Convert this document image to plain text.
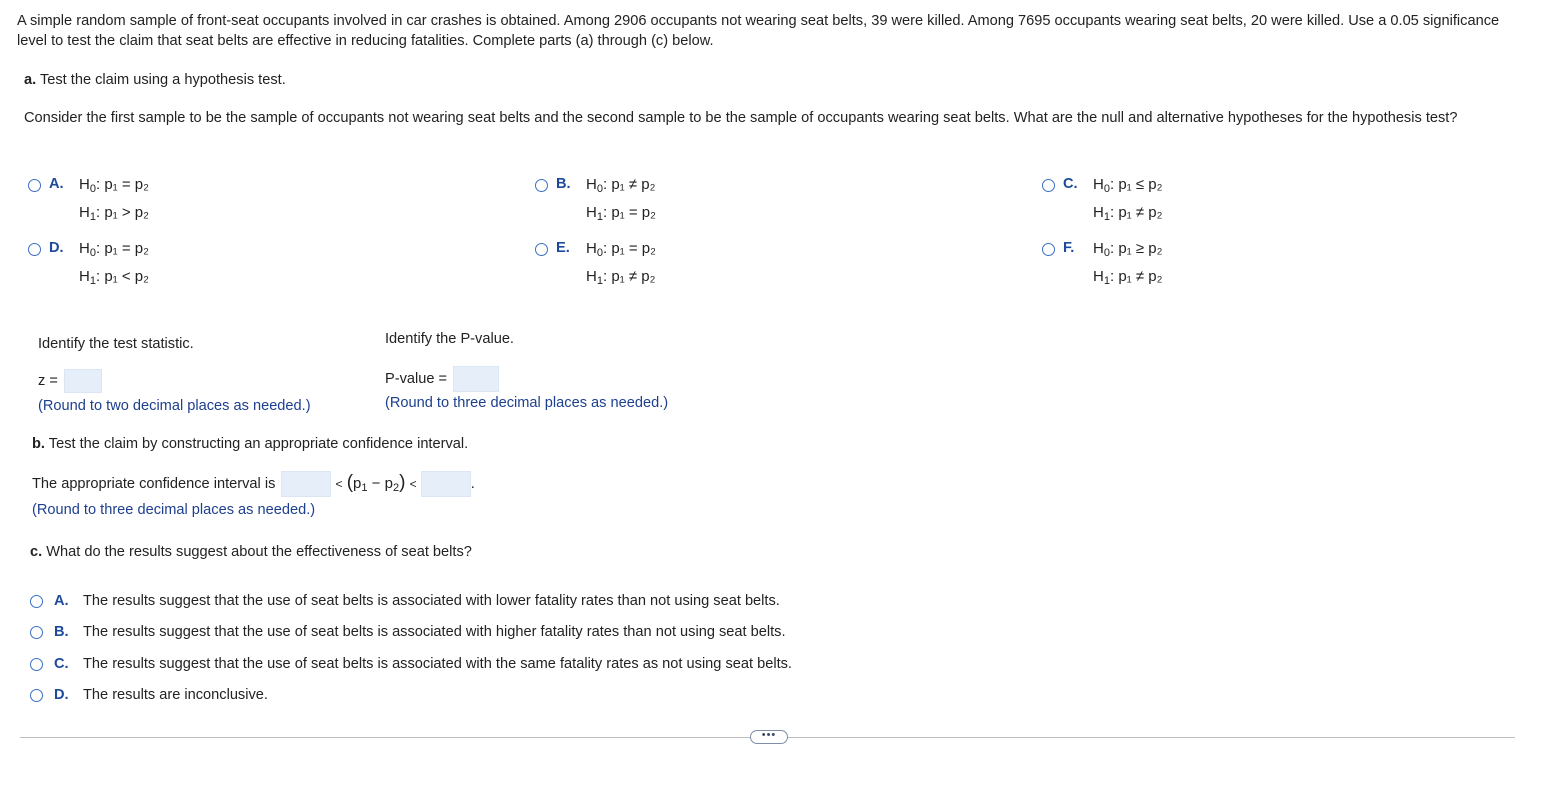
A simple random sample of front-seat occupants involved in car crashes is obtained. Among 2906 occupants not wearing seat belts, 39 were killed. Among 7695 occupants wearing seat belts, 20 were killed. Use a 0.05 significance level to test the claim that seat belts are effective in reducing fatalities. Complete parts (a) through (c) below.
a. Test the claim using a hypothesis test.
Consider the first sample to be the sample of occupants not wearing seat belts and the second sample to be the sample of occupants wearing seat belts. What are the null and alternative hypotheses for the hypothesis test?
A. $H_0$: p₁ = p₂
$H_1$: p₁ > p₂
B. $H_0$: p₁ ≠ p₂
$H_1$: p₁ = p₂
C. $H_0$: p₁ ≤ p₂
$H_1$: p₁ ≠ p₂
D. $H_0$: p₁ = p₂
$H_1$: p₁ < p₂
E. $H_0$: p₁ = p₂
$H_1$: p₁ ≠ p₂
F. $H_0$: p₁ ≥ p₂
$H_1$: p₁ ≠ p₂
Identify the test statistic.
z =
(Round to two decimal places as needed.)
Identify the P-value.
P-value =
(Round to three decimal places as needed.)
b. Test the claim by constructing an appropriate confidence interval.
The appropriate confidence interval is	< $(p_1 - p_2)$ <	.
(Round to three decimal places as needed.)
c. What do the results suggest about the effectiveness of seat belts?
A. The results suggest that the use of seat belts is associated with lower fatality rates than not using seat belts.
B. The results suggest that the use of seat belts is associated with higher fatality rates than not using seat belts.
C. The results suggest that the use of seat belts is associated with the same fatality rates as not using seat belts.
D. The results are inconclusive.
•••
